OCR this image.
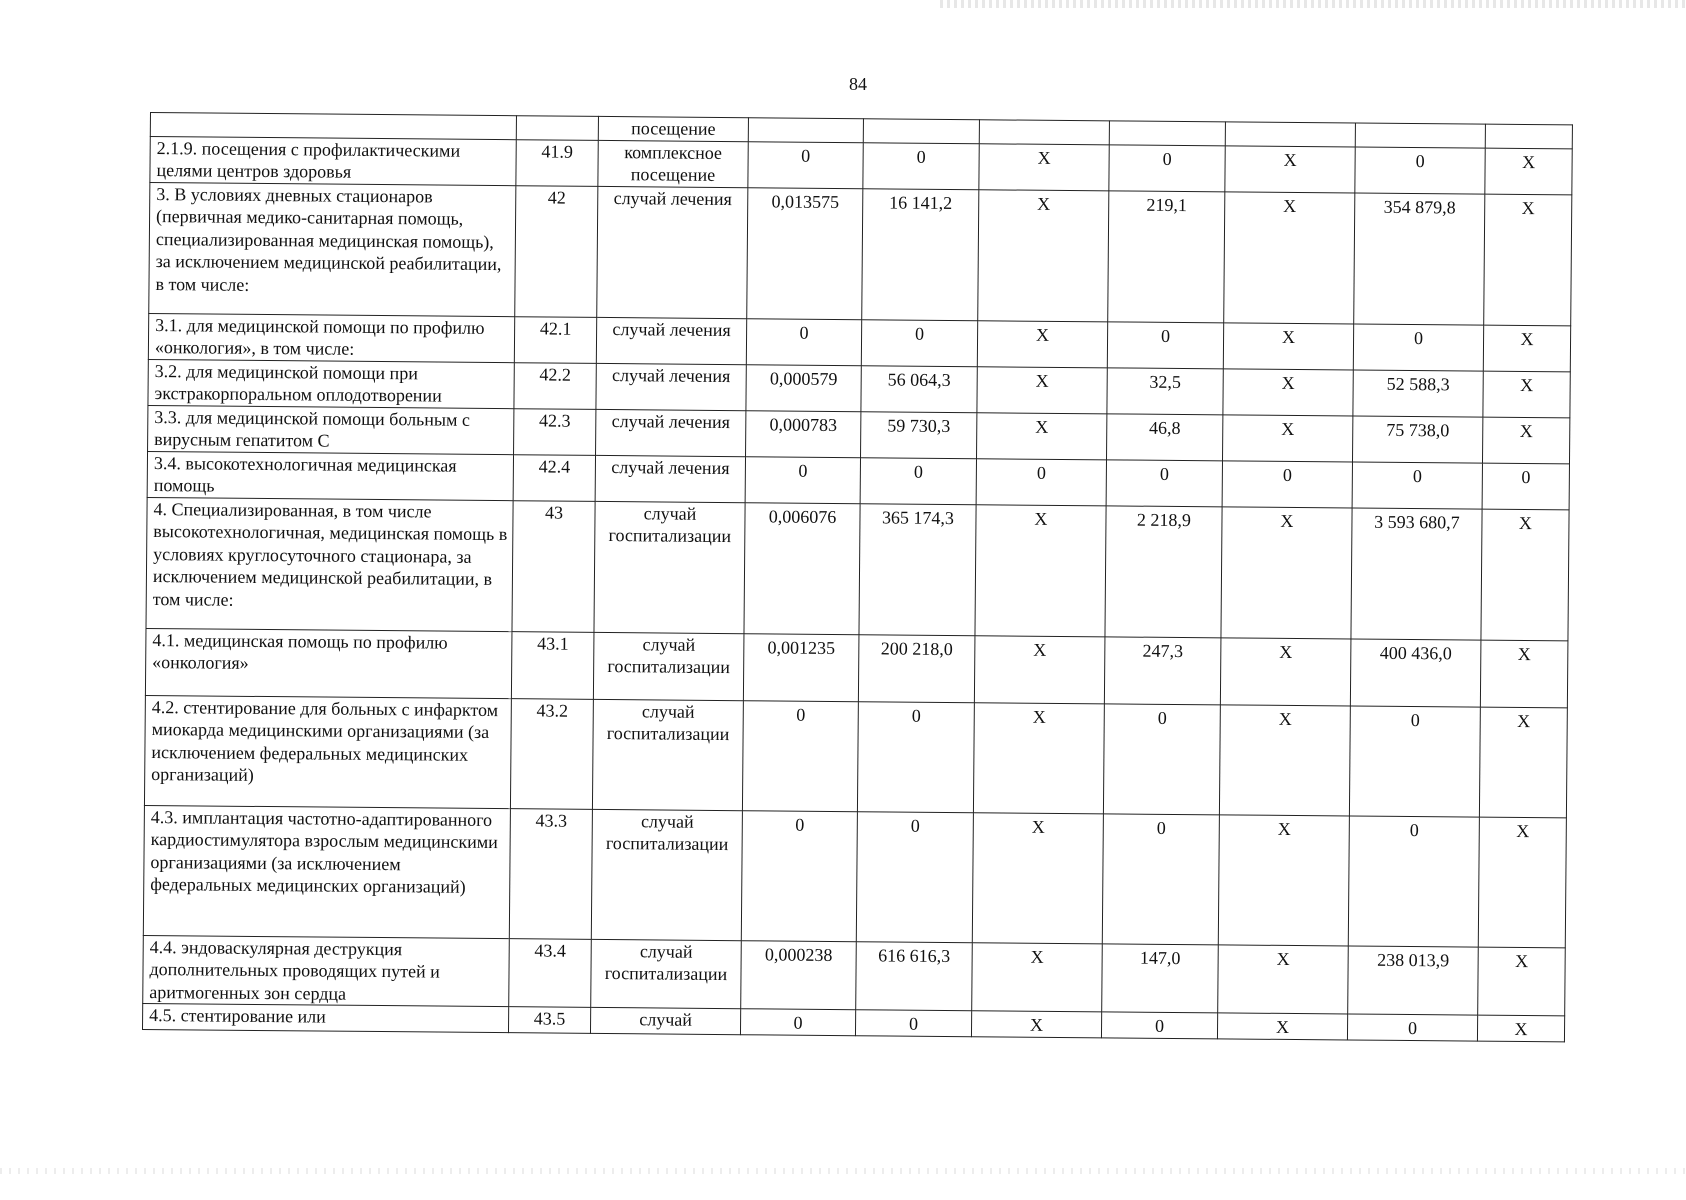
84
		посещение							
2.1.9. посещения с профилактическими целями центров здоровья	41.9	комплексное посещение	0	0	Х	0	Х	0	Х
3. В условиях дневных стационаров (первичная медико-санитарная помощь, специализированная медицинская помощь), за исключением медицинской реабилитации, в том числе:	42	случай лечения	0,013575	16 141,2	Х	219,1	Х	354 879,8	Х
3.1. для медицинской помощи по профилю «онкология», в том числе:	42.1	случай лечения	0	0	Х	0	Х	0	Х
3.2. для медицинской помощи при экстракорпоральном оплодотворении	42.2	случай лечения	0,000579	56 064,3	Х	32,5	Х	52 588,3	Х
3.3. для медицинской помощи больным с вирусным гепатитом С	42.3	случай лечения	0,000783	59 730,3	Х	46,8	Х	75 738,0	Х
3.4. высокотехнологичная медицинская помощь	42.4	случай лечения	0	0	0	0	0	0	0
4. Специализированная, в том числе высокотехнологичная, медицинская помощь в условиях круглосуточного стационара, за исключением медицинской реабилитации, в том числе:	43	случай госпитализации	0,006076	365 174,3	Х	2 218,9	Х	3 593 680,7	Х
4.1. медицинская помощь по профилю «онкология»	43.1	случай госпитализации	0,001235	200 218,0	Х	247,3	Х	400 436,0	Х
4.2. стентирование для больных с инфарктом миокарда медицинскими организациями (за исключением федеральных медицинских организаций)	43.2	случай госпитализации	0	0	Х	0	Х	0	Х
4.3. имплантация частотно-адаптированного кардиостимулятора взрослым медицинскими организациями (за исключением федеральных медицинских организаций)	43.3	случай госпитализации	0	0	Х	0	Х	0	Х
4.4. эндоваскулярная деструкция дополнительных проводящих путей и аритмогенных зон сердца	43.4	случай госпитализации	0,000238	616 616,3	Х	147,0	Х	238 013,9	Х
4.5. стентирование или	43.5	случай	0	0	Х	0	Х	0	Х
